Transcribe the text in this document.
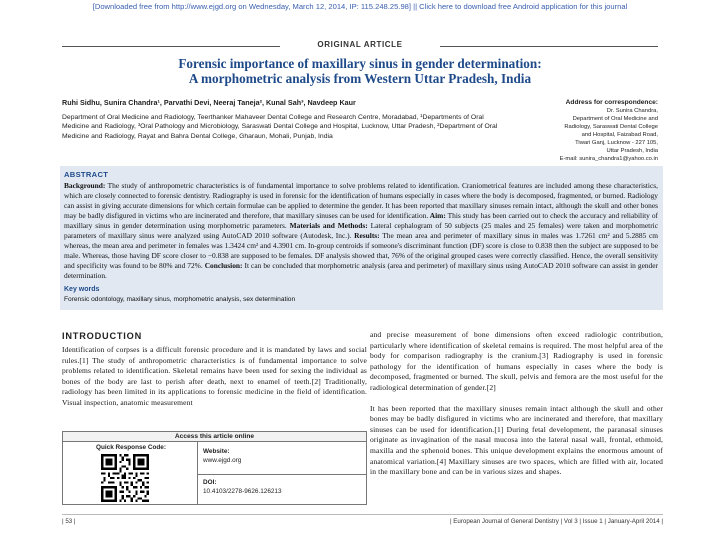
[Downloaded free from http://www.ejgd.org on Wednesday, March 12, 2014, IP: 115.248.25.98] || Click here to download free Android application for this journal
ORIGINAL ARTICLE
Forensic importance of maxillary sinus in gender determination:
A morphometric analysis from Western Uttar Pradesh, India
Ruhi Sidhu, Sunira Chandra¹, Parvathi Devi, Neeraj Taneja², Kunal Sah³, Navdeep Kaur
Department of Oral Medicine and Radiology, Teerthanker Mahaveer Dental College and Research Centre, Moradabad, ¹Departments of Oral Medicine and Radiology, ³Oral Pathology and Microbiology, Saraswati Dental College and Hospital, Lucknow, Uttar Pradesh, ²Department of Oral Medicine and Radiology, Rayat and Bahra Dental College, Gharaun, Mohali, Punjab, India
Address for correspondence:
Dr. Sunira Chandra,
Department of Oral Medicine and
Radiology, Saraswati Dental College
and Hospital, Faizabad Road,
Tiwari Ganj, Lucknow - 227 105,
Uttar Pradesh, India
E-mail: sunira_chandra1@yahoo.co.in
ABSTRACT
Background: The study of anthropometric characteristics is of fundamental importance to solve problems related to identification. Craniometrical features are included among these characteristics, which are closely connected to forensic dentistry. Radiography is used in forensic for the identification of humans especially in cases where the body is decomposed, fragmented, or burned. Radiology can assist in giving accurate dimensions for which certain formulae can be applied to determine the gender. It has been reported that maxillary sinuses remain intact, although the skull and other bones may be badly disfigured in victims who are incinerated and therefore, that maxillary sinuses can be used for identification. Aim: This study has been carried out to check the accuracy and reliability of maxillary sinus in gender determination using morphometric parameters. Materials and Methods: Lateral cephalogram of 50 subjects (25 males and 25 females) were taken and morphometric parameters of maxillary sinus were analyzed using AutoCAD 2010 software (Autodesk, Inc.). Results: The mean area and perimeter of maxillary sinus in males was 1.7261 cm² and 5.2885 cm whereas, the mean area and perimeter in females was 1.3424 cm² and 4.3901 cm. In-group centroids if someone's discriminant function (DF) score is close to 0.838 then the subject are supposed to be male. Whereas, those having DF score closer to −0.838 are supposed to be females. DF analysis showed that, 76% of the original grouped cases were correctly classified. Hence, the overall sensitivity and specificity was found to be 80% and 72%. Conclusion: It can be concluded that morphometric analysis (area and perimeter) of maxillary sinus using AutoCAD 2010 software can assist in gender determination.
Key words
Forensic odontology, maxillary sinus, morphometric analysis, sex determination
INTRODUCTION
Identification of corpses is a difficult forensic procedure and it is mandated by laws and social rules.[1] The study of anthropometric characteristics is of fundamental importance to solve problems related to identification. Skeletal remains have been used for sexing the individual as bones of the body are last to perish after death, next to enamel of teeth.[2] Traditionally, radiology has been limited in its applications to forensic medicine in the field of identification. Visual inspection, anatomic measurement
and precise measurement of bone dimensions often exceed radiologic contribution, particularly where identification of skeletal remains is required. The most helpful area of the body for comparison radiography is the cranium.[3] Radiography is used in forensic pathology for the identification of humans especially in cases where the body is decomposed, fragmented or burned. The skull, pelvis and femora are the most useful for the radiological determination of gender.[2]
It has been reported that the maxillary sinuses remain intact although the skull and other bones may be badly disfigured in victims who are incinerated and therefore, that maxillary sinuses can be used for identification.[1] During fetal development, the paranasal sinuses originate as invagination of the nasal mucosa into the lateral nasal wall, frontal, ethmoid, maxilla and the sphenoid bones. This unique development explains the enormous amount of anatomical variation.[4] Maxillary sinuses are two spaces, which are filled with air, located in the maxillary bone and can be in various sizes and shapes.
Access this article online
Quick Response Code:
Website:
www.ejgd.org
DOI:
10.4103/2278-9626.126213
| 53 |	| European Journal of General Dentistry | Vol 3 | Issue 1 | January-April 2014 |
